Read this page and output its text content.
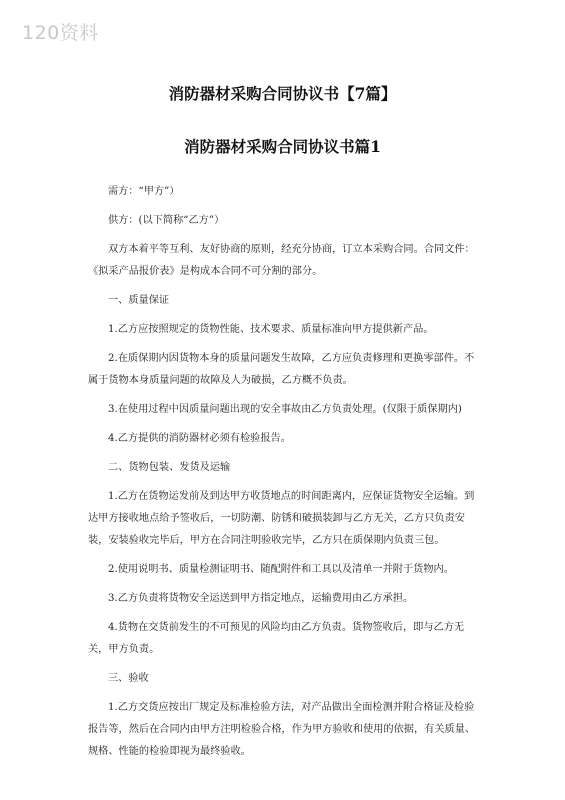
120资料
消防器材采购合同协议书【7篇】
消防器材采购合同协议书篇1

需方：“甲方”）

供方：(以下简称“乙方”）

双方本着平等互利、友好协商的原则，经充分协商，订立本采购合同。合同文件：《拟采产品报价表》是构成本合同不可分割的部分。

一、质量保证

1.乙方应按照规定的货物性能、技术要求、质量标准向甲方提供新产品。

2.在质保期内因货物本身的质量问题发生故障，乙方应负责修理和更换零部件。不属于货物本身质量问题的故障及人为破损，乙方概不负责。

3.在使用过程中因质量问题出现的安全事故由乙方负责处理。(仅限于质保期内)

4.乙方提供的消防器材必须有检验报告。

二、货物包装、发货及运输

1.乙方在货物运发前及到达甲方收货地点的时间距离内，应保证货物安全运输。到达甲方接收地点给予签收后，一切防潮、防锈和破损装卸与乙方无关，乙方只负责安装，安装验收完毕后，甲方在合同注明验收完毕，乙方只在质保期内负责三包。

2.使用说明书、质量检测证明书、随配附件和工具以及清单一并附于货物内。

3.乙方负责将货物安全运送到甲方指定地点，运输费用由乙方承担。

4.货物在交货前发生的不可预见的风险均由乙方负责。货物签收后，即与乙方无关，甲方负责。

三、验收

1.乙方交货应按出厂规定及标准检验方法，对产品做出全面检测并附合格证及检验报告等，然后在合同内由甲方注明检验合格，作为甲方验收和使用的依据，有关质量、规格、性能的检验即视为最终验收。
